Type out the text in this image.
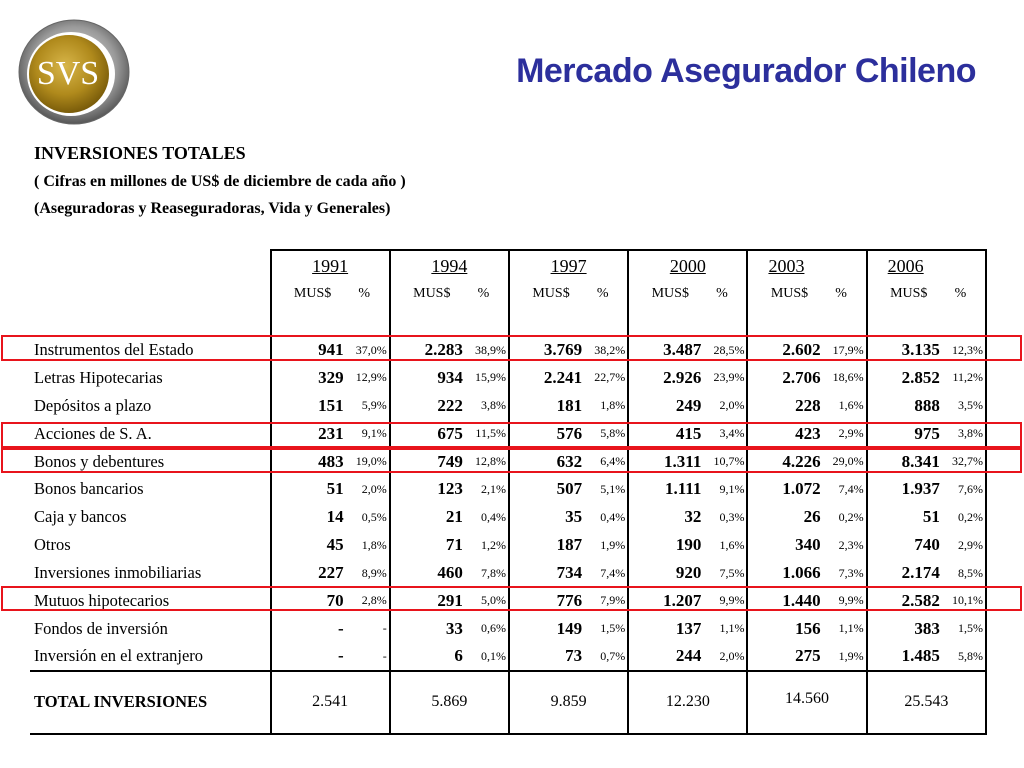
SVS	Mercado Asegurador Chileno
INVERSIONES TOTALES
( Cifras en millones de US$ de diciembre de cada año )
(Aseguradoras y Reaseguradoras, Vida y Generales)
	1991		1994		1997		2000		2003		2006	
	MUS$	%	MUS$	%	MUS$	%	MUS$	%	MUS$	%	MUS$	%
Instrumentos del Estado	941	37,0%	2.283	38,9%	3.769	38,2%	3.487	28,5%	2.602	17,9%	3.135	12,3%
Letras Hipotecarias	329	12,9%	934	15,9%	2.241	22,7%	2.926	23,9%	2.706	18,6%	2.852	11,2%
Depósitos a plazo	151	5,9%	222	3,8%	181	1,8%	249	2,0%	228	1,6%	888	3,5%
Acciones de S. A.	231	9,1%	675	11,5%	576	5,8%	415	3,4%	423	2,9%	975	3,8%
Bonos y debentures	483	19,0%	749	12,8%	632	6,4%	1.311	10,7%	4.226	29,0%	8.341	32,7%
Bonos bancarios	51	2,0%	123	2,1%	507	5,1%	1.111	9,1%	1.072	7,4%	1.937	7,6%
Caja y bancos	14	0,5%	21	0,4%	35	0,4%	32	0,3%	26	0,2%	51	0,2%
Otros	45	1,8%	71	1,2%	187	1,9%	190	1,6%	340	2,3%	740	2,9%
Inversiones inmobiliarias	227	8,9%	460	7,8%	734	7,4%	920	7,5%	1.066	7,3%	2.174	8,5%
Mutuos hipotecarios	70	2,8%	291	5,0%	776	7,9%	1.207	9,9%	1.440	9,9%	2.582	10,1%
Fondos de inversión	-	-	33	0,6%	149	1,5%	137	1,1%	156	1,1%	383	1,5%
Inversión en el extranjero	-	-	6	0,1%	73	0,7%	244	2,0%	275	1,9%	1.485	5,8%
TOTAL INVERSIONES	2.541		5.869		9.859		12.230		14.560		25.543	
